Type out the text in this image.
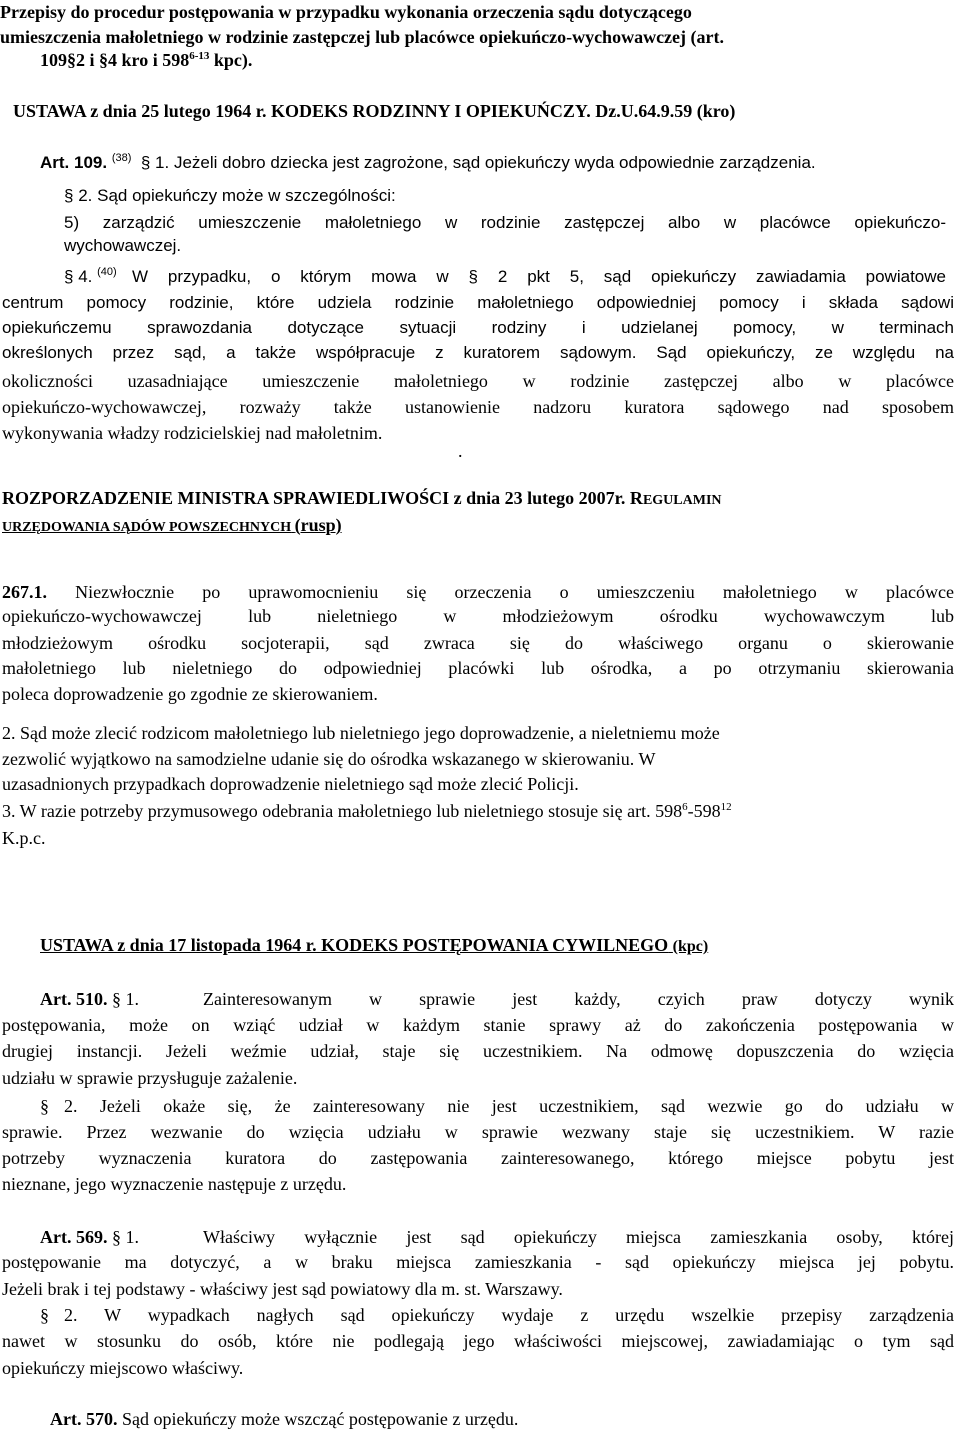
Przepisy do procedur postępowania w przypadku wykonania orzeczenia sądu dotyczącego
umieszczenia małoletniego w rodzinie zastępczej lub placówce opiekuńczo-wychowawczej (art.
109§2 i §4 kro i 598$^{6-13}$ kpc).
USTAWA z dnia 25 lutego 1964 r. KODEKS RODZINNY I OPIEKUŃCZY. Dz.U.64.9.59 (kro)
Art. 109. $^{(38)}$ § 1. Jeżeli dobro dziecka jest zagrożone, sąd opiekuńczy wyda odpowiednie zarządzenia.
§ 2. Sąd opiekuńczy może w szczególności:
5) zarządzić umieszczenie małoletniego w rodzinie zastępczej albo w placówce opiekuńczo-
wychowawczej.
§ 4. $^{(40)}$ W przypadku, o którym mowa w § 2 pkt 5, sąd opiekuńczy zawiadamia powiatowe
centrum pomocy rodzinie, które udziela rodzinie małoletniego odpowiedniej pomocy i składa sądowi
opiekuńczemu sprawozdania dotyczące sytuacji rodziny i udzielanej pomocy, w terminach
określonych przez sąd, a także współpracuje z kuratorem sądowym. Sąd opiekuńczy, ze względu na
okoliczności uzasadniające umieszczenie małoletniego w rodzinie zastępczej albo w placówce
opiekuńczo-wychowawczej, rozważy także ustanowienie nadzoru kuratora sądowego nad sposobem
wykonywania władzy rodzicielskiej nad małoletnim.
.
ROZPORZADZENIE MINISTRA SPRAWIEDLIWOŚCI z dnia 23 lutego 2007r. REGULAMIN
URZĘDOWANIA SĄDÓW POWSZECHNYCH (rusp)
267.1. Niezwłocznie po uprawomocnieniu się orzeczenia o umieszczeniu małoletniego w placówce
opiekuńczo-wychowawczej lub nieletniego w młodzieżowym ośrodku wychowawczym lub
młodzieżowym ośrodku socjoterapii, sąd zwraca się do właściwego organu o skierowanie
małoletniego lub nieletniego do odpowiedniej placówki lub ośrodka, a po otrzymaniu skierowania
poleca doprowadzenie go zgodnie ze skierowaniem.
2. Sąd może zlecić rodzicom małoletniego lub nieletniego jego doprowadzenie, a nieletniemu może
zezwolić wyjątkowo na samodzielne udanie się do ośrodka wskazanego w skierowaniu. W
uzasadnionych przypadkach doprowadzenie nieletniego sąd może zlecić Policji.
3. W razie potrzeby przymusowego odebrania małoletniego lub nieletniego stosuje się art. $598^6-598^{12}$
K.p.c.
USTAWA z dnia 17 listopada 1964 r. KODEKS POSTĘPOWANIA CYWILNEGO (kpc)
Art. 510. § 1.	Zainteresowanym w sprawie jest każdy, czyich praw dotyczy wynik
postępowania, może on wziąć udział w każdym stanie sprawy aż do zakończenia postępowania w
drugiej instancji. Jeżeli weźmie udział, staje się uczestnikiem. Na odmowę dopuszczenia do wzięcia
udziału w sprawie przysługuje zażalenie.
§ 2. Jeżeli okaże się, że zainteresowany nie jest uczestnikiem, sąd wezwie go do udziału w
sprawie. Przez wezwanie do wzięcia udziału w sprawie wezwany staje się uczestnikiem. W razie
potrzeby wyznaczenia kuratora do zastępowania zainteresowanego, którego miejsce pobytu jest
nieznane, jego wyznaczenie następuje z urzędu.
Art. 569. § 1.	Właściwy wyłącznie jest sąd opiekuńczy miejsca zamieszkania osoby, której
postępowanie ma dotyczyć, a w braku miejsca zamieszkania - sąd opiekuńczy miejsca jej pobytu.
Jeżeli brak i tej podstawy - właściwy jest sąd powiatowy dla m. st. Warszawy.
§ 2. W wypadkach nagłych sąd opiekuńczy wydaje z urzędu wszelkie przepisy zarządzenia
nawet w stosunku do osób, które nie podlegają jego właściwości miejscowej, zawiadamiając o tym sąd
opiekuńczy miejscowo właściwy.
Art. 570. Sąd opiekuńczy może wszcząć postępowanie z urzędu.
